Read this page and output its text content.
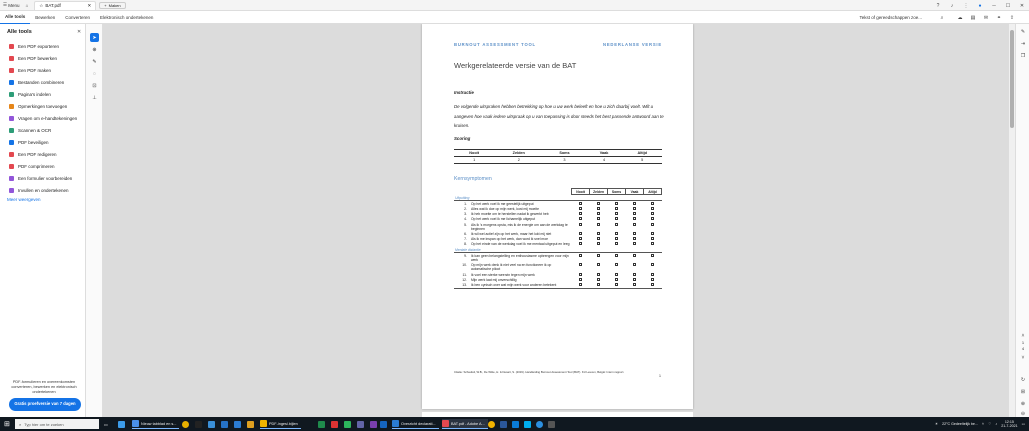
☰ Menu ⌂ ☆ BAT.pdf	✕	+ Maken	?	♪	⋮	●	─	☐	✕
Alle tools	Bewerken	Converteren	Elektronisch ondertekenen	Tekst of gereedschappen zoe...	⌕	☁ ▤ ✉ ⚭ ⇪
Alle tools	✕
Een PDF exporteren
Een PDF bewerken
Een PDF maken
Bestanden combineren
Pagina's indelen
Opmerkingen toevoegen
Vragen om e-handtekeningen
Scannen & OCR
PDF beveiligen
Een PDF redigeren
PDF comprimeren
Een formulier voorbereiden
Invullen en ondertekenen
Meer weergeven
PDF-formulieren en overeenkomsten converteren, bewerken en elektronisch ondertekenen
Gratis proefversie van 7 dagen
➤
⊕
✎
◌
⊡
⊥
BURNOUT ASSESSMENT TOOL	NEDERLANSE VERSIE
Werkgerelateerde versie van de BAT
Instructie
De volgende uitspraken hebben betrekking op hoe u uw werk beleeft en hoe u zich daarbij voelt. Wilt u aangeven hoe vaak iedere uitspraak op u van toepassing is door steeds het best passende antwoord aan te kruisen.
Scoring
Nooit	Zelden	Soms	Vaak	Altijd
1	2	3	4	5
Kernsymptomen
		Nooit	Zelden	Soms	Vaak	Altijd
Uitputting						
1.	Op het werk voel ik me geestelijk uitgeput					
2.	Alles wat ik doe op mijn werk, kost mij moeite					
3.	Ik heb moeite om te herstellen nadat ik gewerkt heb					
4.	Op het werk voel ik me lichamelijk uitgeput					
5.	Als ik 's morgens opsta, mis ik de energie om aan de werkdag te beginnen					
6.	Ik wil wel actief zijn op het werk, maar het lukt mij niet					
7.	Als ik me inspan op het werk, dan word ik snel moe					
8.	Op het einde van de werkdag voel ik me mentaal uitgeput en leeg					
Mentale distantie						
9.	Ik kan geen belangstelling en enthousiasme opbrengen voor mijn werk					
10.	Op mijn werk denk ik niet veel na en functioneer ik op automatische piloot					
11.	Ik voel een sterke weerzin tegen mijn werk					
12.	Mijn werk laat mij onverschillig					
13.	Ik ben cynisch over wat mijn werk voor anderen betekent					
Citatie: Schaufeli, W.B., De Witte, H. & Desart, S. (2019). Handleiding Burnout Assessment Tool (BAT). KU Leuven, België: Intern rapport.
1
✎
⇥
❐
˄
1
4
˅
↻
⊞
⊕
⊖
⊞ ⌕ Typ hier om te zoeken	▭	Nieuw tabblad en s...	PDF-ingesl.bijlen	Overzicht declarati...	BAT.pdf - Adobe A...	☀ 22°C Gedeeltelijk be... ˄ ⌔ ♪
12:15
21-7-2021 ▭
